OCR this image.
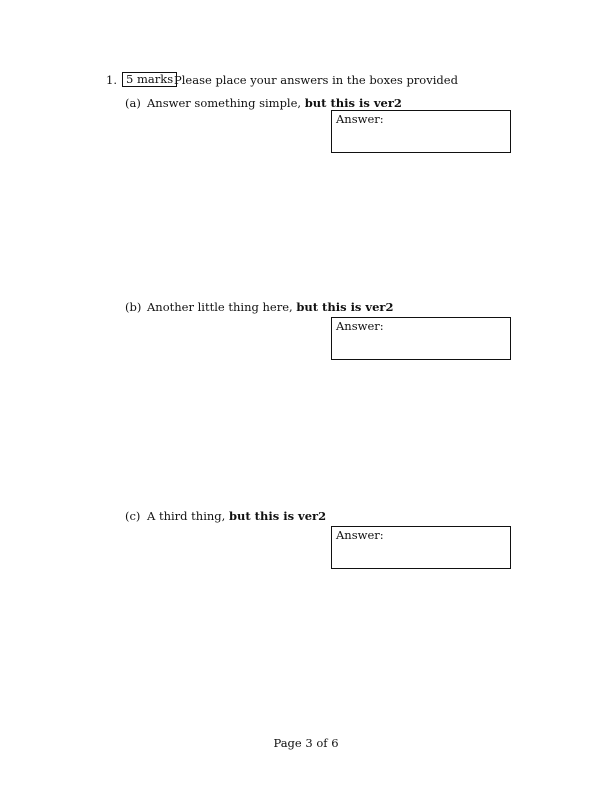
1. 5 marks Please place your answers in the boxes provided
(a) Answer something simple, but this is ver2
Answer:
(b) Another little thing here, but this is ver2
Answer:
(c) A third thing, but this is ver2
Answer:
Page 3 of 6
